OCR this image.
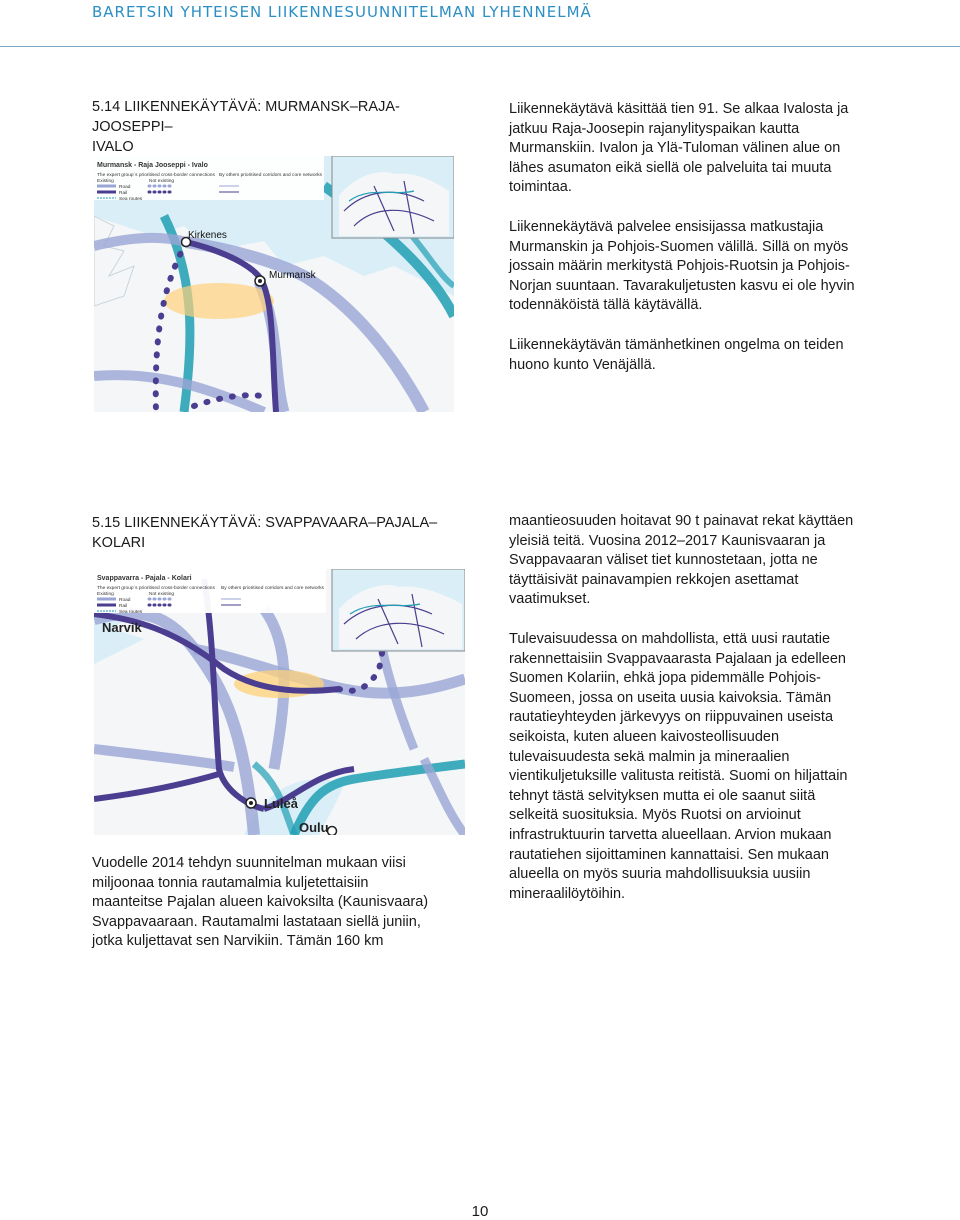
BARETSIN YHTEISEN LIIKENNESUUNNITELMAN LYHENNELMÄ
5.14 LIIKENNEKÄYTÄVÄ: MURMANSK–RAJA-JOOSEPPI–
IVALO
Kirkenes
Murmansk
Murmansk - Raja Jooseppi - Ivalo
The expert group´s prioritised cross-border connections By others prioritised corridors and core networks
Existing	Not existing
Road
Rail
Sea routes
Liikennekäytävä käsittää tien 91. Se alkaa Ivalosta ja
jatkuu Raja-Joosepin rajanylityspaikan kautta
Murmanskiin. Ivalon ja Ylä-Tuloman välinen alue on
lähes asumaton eikä siellä ole palveluita tai muuta
toimintaa.
Liikennekäytävä palvelee ensisijassa matkustajia
Murmanskin ja Pohjois-Suomen välillä. Sillä on myös
jossain määrin merkitystä Pohjois-Ruotsin ja Pohjois-
Norjan suuntaan. Tavarakuljetusten kasvu ei ole hyvin
todennäköistä tällä käytävällä.
Liikennekäytävän tämänhetkinen ongelma on teiden
huono kunto Venäjällä.
5.15 LIIKENNEKÄYTÄVÄ: SVAPPAVAARA–PAJALA–
KOLARI
Narvik
Luleå
Oulu
Svappavarra - Pajala - Kolari
The expert group´s prioritised cross-border connections By others prioritised corridors and core networks
Existing	Not existing
Road
Rail
Sea routes
Vuodelle 2014 tehdyn suunnitelman mukaan viisi
miljoonaa tonnia rautamalmia kuljetettaisiin
maanteitse Pajalan alueen kaivoksilta (Kaunisvaara)
Svappavaaraan. Rautamalmi lastataan siellä juniin,
jotka kuljettavat sen Narvikiin. Tämän 160 km
maantieosuuden hoitavat 90 t painavat rekat käyttäen
yleisiä teitä. Vuosina 2012–2017 Kaunisvaaran ja
Svappavaaran väliset tiet kunnostetaan, jotta ne
täyttäisivät painavampien rekkojen asettamat
vaatimukset.
Tulevaisuudessa on mahdollista, että uusi rautatie
rakennettaisiin Svappavaarasta Pajalaan ja edelleen
Suomen Kolariin, ehkä jopa pidemmälle Pohjois-
Suomeen, jossa on useita uusia kaivoksia. Tämän
rautatieyhteyden järkevyys on riippuvainen useista
seikoista, kuten alueen kaivosteollisuuden
tulevaisuudesta sekä malmin ja mineraalien
vientikuljetuksille valitusta reitistä. Suomi on hiljattain
tehnyt tästä selvityksen mutta ei ole saanut siitä
selkeitä suosituksia. Myös Ruotsi on arvioinut
infrastruktuurin tarvetta alueellaan. Arvion mukaan
rautatiehen sijoittaminen kannattaisi. Sen mukaan
alueella on myös suuria mahdollisuuksia uusiin
mineraalilöytöihin.
10
